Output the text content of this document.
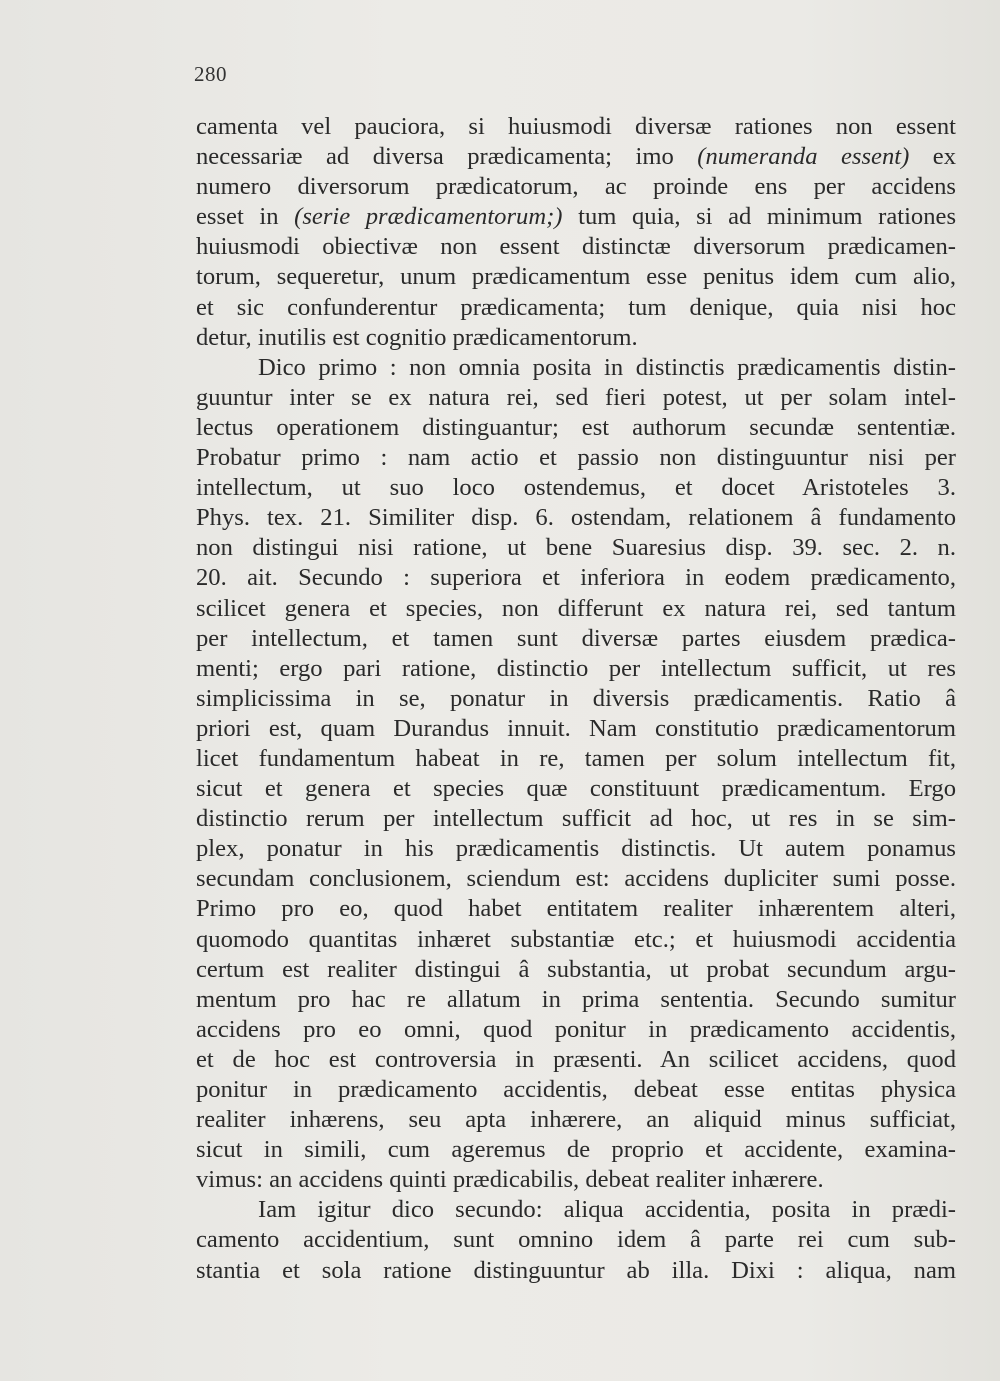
280
camenta vel pauciora, si huiusmodi diversæ rationes non essent
necessariæ ad diversa prædicamenta; imo (numeranda essent) ex
numero diversorum prædicatorum, ac proinde ens per accidens
esset in (serie prædicamentorum;) tum quia, si ad minimum rationes
huiusmodi obiectivæ non essent distinctæ diversorum prædicamen-
torum, sequeretur, unum prædicamentum esse penitus idem cum alio,
et sic confunderentur prædicamenta; tum denique, quia nisi hoc
detur, inutilis est cognitio prædicamentorum.
Dico primo : non omnia posita in distinctis prædicamentis distin-
guuntur inter se ex natura rei, sed fieri potest, ut per solam intel-
lectus operationem distinguantur; est authorum secundæ sententiæ.
Probatur primo : nam actio et passio non distinguuntur nisi per
intellectum, ut suo loco ostendemus, et docet Aristoteles 3.
Phys. tex. 21. Similiter disp. 6. ostendam, relationem â fundamento
non distingui nisi ratione, ut bene Suaresius disp. 39. sec. 2. n.
20. ait. Secundo : superiora et inferiora in eodem prædicamento,
scilicet genera et species, non differunt ex natura rei, sed tantum
per intellectum, et tamen sunt diversæ partes eiusdem prædica-
menti; ergo pari ratione, distinctio per intellectum sufficit, ut res
simplicissima in se, ponatur in diversis prædicamentis. Ratio â
priori est, quam Durandus innuit. Nam constitutio prædicamentorum
licet fundamentum habeat in re, tamen per solum intellectum fit,
sicut et genera et species quæ constituunt prædicamentum. Ergo
distinctio rerum per intellectum sufficit ad hoc, ut res in se sim-
plex, ponatur in his prædicamentis distinctis. Ut autem ponamus
secundam conclusionem, sciendum est: accidens dupliciter sumi posse.
Primo pro eo, quod habet entitatem realiter inhærentem alteri,
quomodo quantitas inhæret substantiæ etc.; et huiusmodi accidentia
certum est realiter distingui â substantia, ut probat secundum argu-
mentum pro hac re allatum in prima sententia. Secundo sumitur
accidens pro eo omni, quod ponitur in prædicamento accidentis,
et de hoc est controversia in præsenti. An scilicet accidens, quod
ponitur in prædicamento accidentis, debeat esse entitas physica
realiter inhærens, seu apta inhærere, an aliquid minus sufficiat,
sicut in simili, cum ageremus de proprio et accidente, examina-
vimus: an accidens quinti prædicabilis, debeat realiter inhærere.
Iam igitur dico secundo: aliqua accidentia, posita in prædi-
camento accidentium, sunt omnino idem â parte rei cum sub-
stantia et sola ratione distinguuntur ab illa. Dixi : aliqua, nam
